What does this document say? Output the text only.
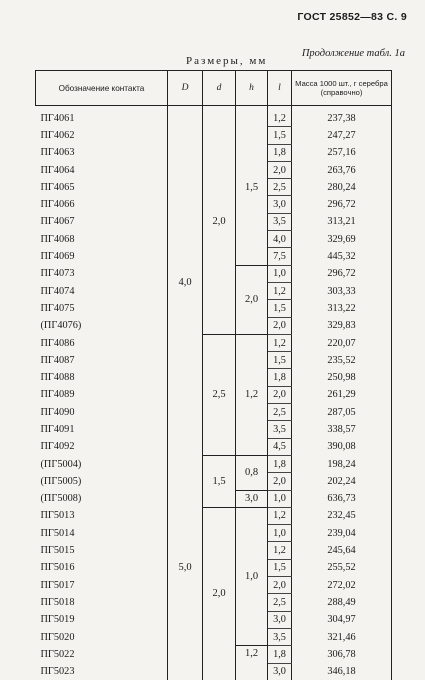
ГОСТ 25852—83 С. 9
Продолжение табл. 1а
Размеры, мм
Обозначение контакта	D	d	h	l	Масса 1000 шт., г серебра (справочно)
ПГ4061	4,0	2,0	1,5	1,2	237,38
ПГ4062				1,5	247,27
ПГ4063				1,8	257,16
ПГ4064				2,0	263,76
ПГ4065				2,5	280,24
ПГ4066				3,0	296,72
ПГ4067				3,5	313,21
ПГ4068				4,0	329,69
ПГ4069				7,5	445,32
ПГ4073			2,0	1,0	296,72
ПГ4074				1,2	303,33
ПГ4075				1,5	313,22
(ПГ4076)				2,0	329,83
ПГ4086		2,5	1,2	1,2	220,07
ПГ4087				1,5	235,52
ПГ4088				1,8	250,98
ПГ4089				2,0	261,29
ПГ4090				2,5	287,05
ПГ4091				3,5	338,57
ПГ4092				4,5	390,08
(ПГ5004)	5,0	1,5	0,8	1,8	198,24
(ПГ5005)				2,0	202,24
(ПГ5008)			3,0	1,0	636,73
ПГ5013		2,0	1,0	1,2	232,45
ПГ5014				1,0	239,04
ПГ5015				1,2	245,64
ПГ5016				1,5	255,52
ПГ5017				2,0	272,02
ПГ5018				2,5	288,49
ПГ5019				3,0	304,97
ПГ5020				3,5	321,46
ПГ5022			1,2	1,8	306,78
ПГ5023				3,0	346,18
